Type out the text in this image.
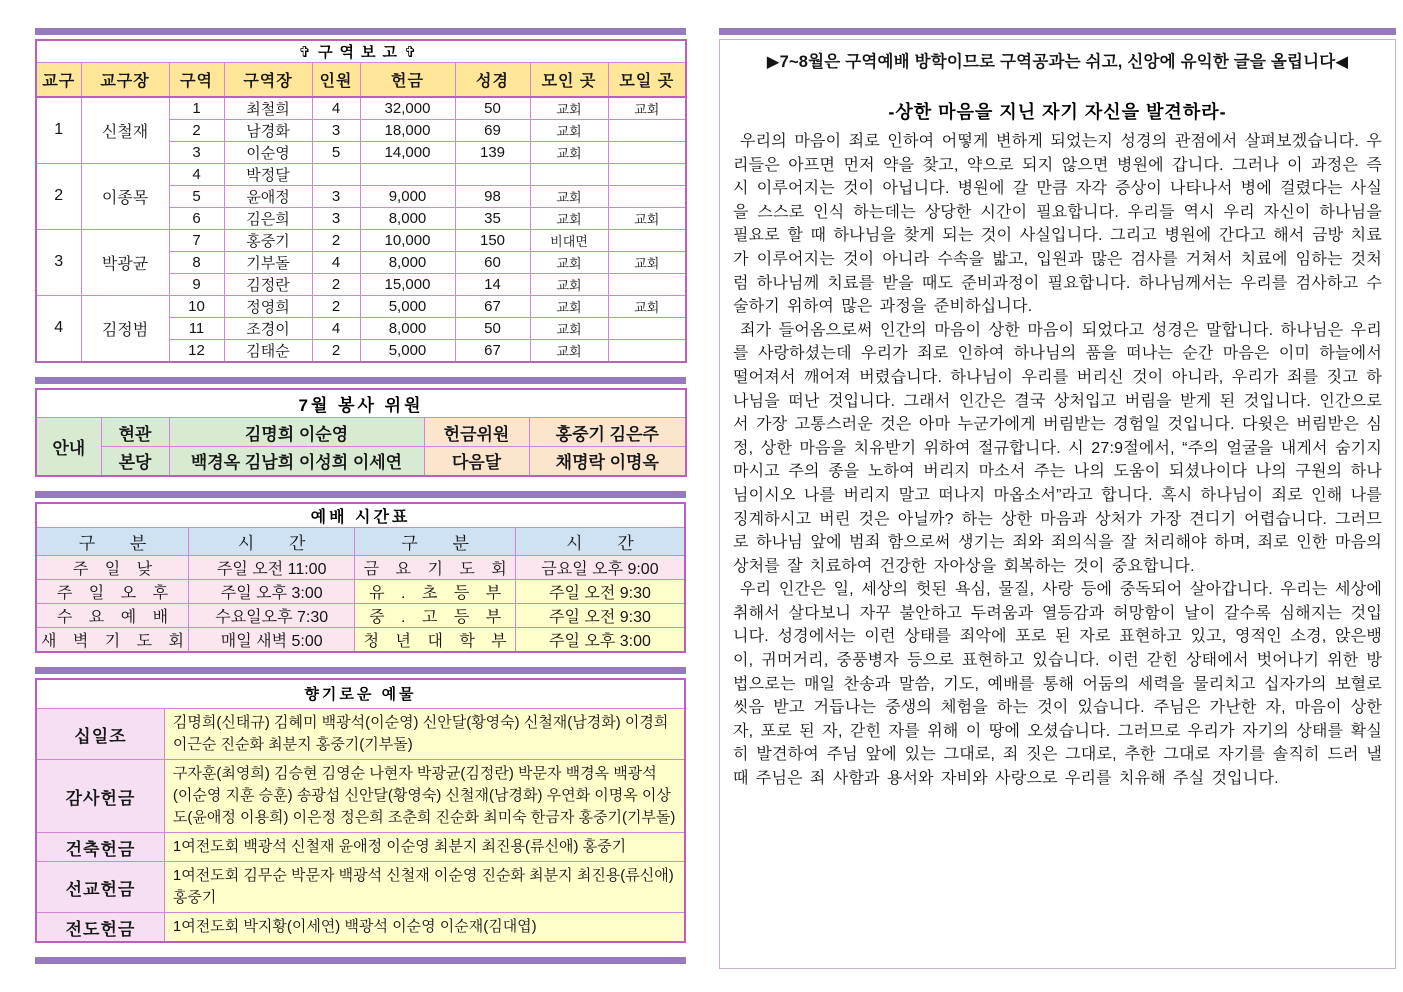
✞구역보고✞								
교구	교구장	구역	구역장	인원	헌금	성경	모인 곳	모일 곳
1	신철재	1	최철희	4	32,000	50	교회	교회
		2	남경화	3	18,000	69	교회	
		3	이순영	5	14,000	139	교회	
2	이종목	4	박정달					
		5	윤애정	3	9,000	98	교회	
		6	김은희	3	8,000	35	교회	교회
3	박광균	7	홍중기	2	10,000	150	비대면	
		8	기부돌	4	8,000	60	교회	교회
		9	김정란	2	15,000	14	교회	
4	김정범	10	정영희	2	5,000	67	교회	교회
		11	조경이	4	8,000	50	교회	
		12	김태순	2	5,000	67	교회	
7월 봉사 위원				
안내	현관	김명희 이순영	헌금위원	홍중기 김은주
	본당	백경옥 김남희 이성희 이세연	다음달	채명락 이명옥
예배 시간표			
구 분	시 간	구 분	시 간
주 일 낮	주일 오전 11:00	금 요 기 도 회	금요일 오후 9:00
주 일 오 후	주일 오후 3:00	유 . 초 등 부	주일 오전 9:30
수 요 예 배	수요일오후 7:30	중 . 고 등 부	주일 오전 9:30
새 벽 기 도 회	매일 새벽 5:00	청 년 대 학 부	주일 오후 3:00
향기로운 예물	
십일조	김명희(신태규) 김혜미 백광석(이순영) 신안달(황영숙) 신철재(남경화) 이경희 이근순 진순화 최분지 홍중기(기부돌)
감사헌금	구자훈(최영희) 김승현 김영순 나현자 박광균(김정란) 박문자 백경옥 백광석(이순영 지훈 승훈) 송광섭 신안달(황영숙) 신철재(남경화) 우연화 이명옥 이상도(윤애정 이용희) 이은정 정은희 조춘희 진순화 최미숙 한금자 홍중기(기부돌)
건축헌금	1여전도회 백광석 신철재 윤애정 이순영 최분지 최진용(류신애) 홍중기
선교헌금	1여전도회 김무순 박문자 백광석 신철재 이순영 진순화 최분지 최진용(류신애) 홍중기
전도헌금	1여전도회 박지황(이세연) 백광석 이순영 이순재(김대엽)
▶7~8월은 구역예배 방학이므로 구역공과는 쉬고, 신앙에 유익한 글을 올립니다◀
-상한 마음을 지닌 자기 자신을 발견하라-

우리의 마음이 죄로 인하여 어떻게 변하게 되었는지 성경의 관점에서 살펴보겠습니다. 우리들은 아프면 먼저 약을 찾고, 약으로 되지 않으면 병원에 갑니다. 그러나 이 과정은 즉시 이루어지는 것이 아닙니다. 병원에 갈 만큼 자각 증상이 나타나서 병에 걸렸다는 사실을 스스로 인식 하는데는 상당한 시간이 필요합니다. 우리들 역시 우리 자신이 하나님을 필요로 할 때 하나님을 찾게 되는 것이 사실입니다. 그리고 병원에 간다고 해서 금방 치료가 이루어지는 것이 아니라 수속을 밟고, 입원과 많은 검사를 거쳐서 치료에 임하는 것처럼 하나님께 치료를 받을 때도 준비과정이 필요합니다. 하나님께서는 우리를 검사하고 수술하기 위하여 많은 과정을 준비하십니다.

죄가 들어옴으로써 인간의 마음이 상한 마음이 되었다고 성경은 말합니다. 하나님은 우리를 사랑하셨는데 우리가 죄로 인하여 하나님의 품을 떠나는 순간 마음은 이미 하늘에서 떨어져서 깨어져 버렸습니다. 하나님이 우리를 버리신 것이 아니라, 우리가 죄를 짓고 하나님을 떠난 것입니다. 그래서 인간은 결국 상처입고 버림을 받게 된 것입니다. 인간으로서 가장 고통스러운 것은 아마 누군가에게 버림받는 경험일 것입니다. 다윗은 버림받은 심정, 상한 마음을 치유받기 위하여 절규합니다. 시 27:9절에서, “주의 얼굴을 내게서 숨기지 마시고 주의 종을 노하여 버리지 마소서 주는 나의 도움이 되셨나이다 나의 구원의 하나님이시오 나를 버리지 말고 떠나지 마옵소서”라고 합니다. 혹시 하나님이 죄로 인해 나를 징계하시고 버린 것은 아닐까? 하는 상한 마음과 상처가 가장 견디기 어렵습니다. 그러므로 하나님 앞에 범죄 함으로써 생기는 죄와 죄의식을 잘 처리해야 하며, 죄로 인한 마음의 상처를 잘 치료하여 건강한 자아상을 회복하는 것이 중요합니다.

우리 인간은 일, 세상의 헛된 욕심, 물질, 사랑 등에 중독되어 살아갑니다. 우리는 세상에 취해서 살다보니 자꾸 불안하고 두려움과 열등감과 허망함이 날이 갈수록 심해지는 것입니다. 성경에서는 이런 상태를 죄악에 포로 된 자로 표현하고 있고, 영적인 소경, 앉은뱅이, 귀머거리, 중풍병자 등으로 표현하고 있습니다. 이런 갇힌 상태에서 벗어나기 위한 방법으로는 매일 찬송과 말씀, 기도, 예배를 통해 어둠의 세력을 물리치고 십자가의 보혈로 씻음 받고 거듭나는 중생의 체험을 하는 것이 있습니다. 주님은 가난한 자, 마음이 상한 자, 포로 된 자, 갇힌 자를 위해 이 땅에 오셨습니다. 그러므로 우리가 자기의 상태를 확실히 발견하여 주님 앞에 있는 그대로, 죄 짓은 그대로, 추한 그대로 자기를 솔직히 드러 낼 때 주님은 죄 사함과 용서와 자비와 사랑으로 우리를 치유해 주실 것입니다.
